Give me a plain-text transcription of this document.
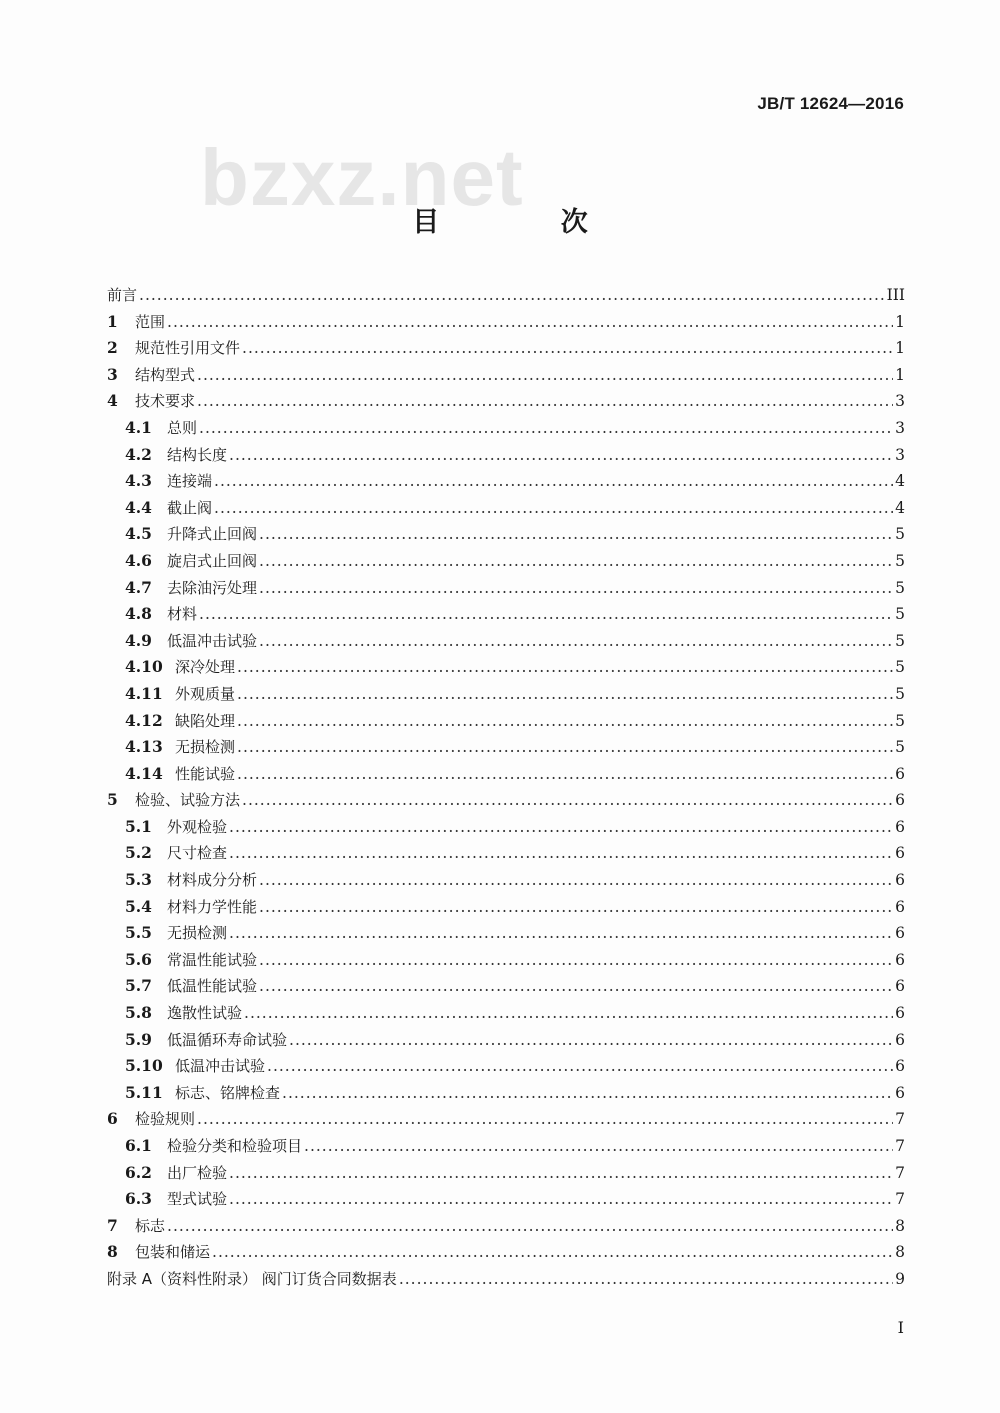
JB/T 12624—2016
bzxz.net
目 次
前言 .....	III
1	范围 .....	1
2	规范性引用文件 .....	1
3	结构型式 .....	1
4	技术要求 .....	3
4.1	总则 .....	3
4.2	结构长度 .....	3
4.3	连接端 .....	4
4.4	截止阀 .....	4
4.5	升降式止回阀 .....	5
4.6	旋启式止回阀 .....	5
4.7	去除油污处理 .....	5
4.8	材料 .....	5
4.9	低温冲击试验 .....	5
4.10 深冷处理 .....	5
4.11 外观质量 .....	5
4.12 缺陷处理 .....	5
4.13 无损检测 .....	5
4.14 性能试验 .....	6
5	检验、试验方法 .....	6
5.1	外观检验 .....	6
5.2	尺寸检查 .....	6
5.3	材料成分分析 .....	6
5.4	材料力学性能 .....	6
5.5	无损检测 .....	6
5.6	常温性能试验 .....	6
5.7	低温性能试验 .....	6
5.8	逸散性试验 .....	6
5.9	低温循环寿命试验 .....	6
5.10 低温冲击试验 .....	6
5.11 标志、铭牌检查 .....	6
6	检验规则 .....	7
6.1	检验分类和检验项目 .....	7
6.2	出厂检验 .....	7
6.3	型式试验 .....	7
7	标志 .....	8
8	包装和储运 .....	8
附录 A（资料性附录） 阀门订货合同数据表 .....	9
I
